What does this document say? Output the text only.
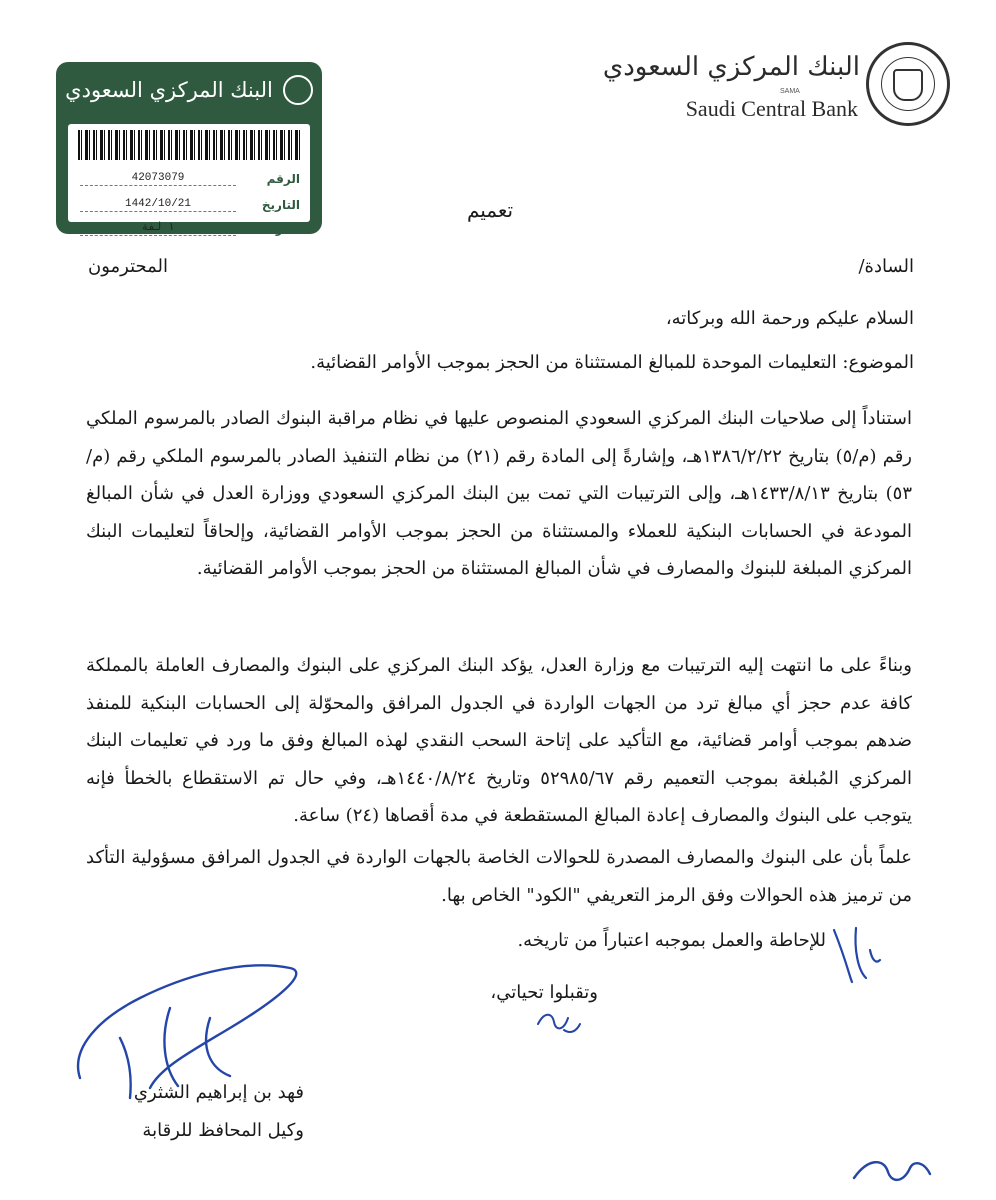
البنك المركزي السعودي
الرقم
42073079
التاريخ
1442/10/21
المرفقات
١ لفة
البنك المركزي السعودي
SAMA
Saudi Central Bank
تعميم
السادة/
المحترمون
السلام عليكم ورحمة الله وبركاته،
الموضوع: التعليمات الموحدة للمبالغ المستثناة من الحجز بموجب الأوامر القضائية.
استناداً إلى صلاحيات البنك المركزي السعودي المنصوص عليها في نظام مراقبة البنوك الصادر بالمرسوم الملكي رقم (م/٥) بتاريخ ١٣٨٦/٢/٢٢هـ، وإشارةً إلى المادة رقم (٢١) من نظام التنفيذ الصادر بالمرسوم الملكي رقم (م/٥٣) بتاريخ ١٤٣٣/٨/١٣هـ، وإلى الترتيبات التي تمت بين البنك المركزي السعودي ووزارة العدل في شأن المبالغ المودعة في الحسابات البنكية للعملاء والمستثناة من الحجز بموجب الأوامر القضائية، وإلحاقاً لتعليمات البنك المركزي المبلغة للبنوك والمصارف في شأن المبالغ المستثناة من الحجز بموجب الأوامر القضائية.
وبناءً على ما انتهت إليه الترتيبات مع وزارة العدل، يؤكد البنك المركزي على البنوك والمصارف العاملة بالمملكة كافة عدم حجز أي مبالغ ترد من الجهات الواردة في الجدول المرافق والمحوّلة إلى الحسابات البنكية للمنفذ ضدهم بموجب أوامر قضائية، مع التأكيد على إتاحة السحب النقدي لهذه المبالغ وفق ما ورد في تعليمات البنك المركزي المُبلغة بموجب التعميم رقم ٥٢٩٨٥/٦٧ وتاريخ ١٤٤٠/٨/٢٤هـ، وفي حال تم الاستقطاع بالخطأ فإنه يتوجب على البنوك والمصارف إعادة المبالغ المستقطعة في مدة أقصاها (٢٤) ساعة.
علماً بأن على البنوك والمصارف المصدرة للحوالات الخاصة بالجهات الواردة في الجدول المرافق مسؤولية التأكد من ترميز هذه الحوالات وفق الرمز التعريفي "الكود" الخاص بها.
للإحاطة والعمل بموجبه اعتباراً من تاريخه.
وتقبلوا تحياتي،
فهد بن إبراهيم الشثري
وكيل المحافظ للرقابة
